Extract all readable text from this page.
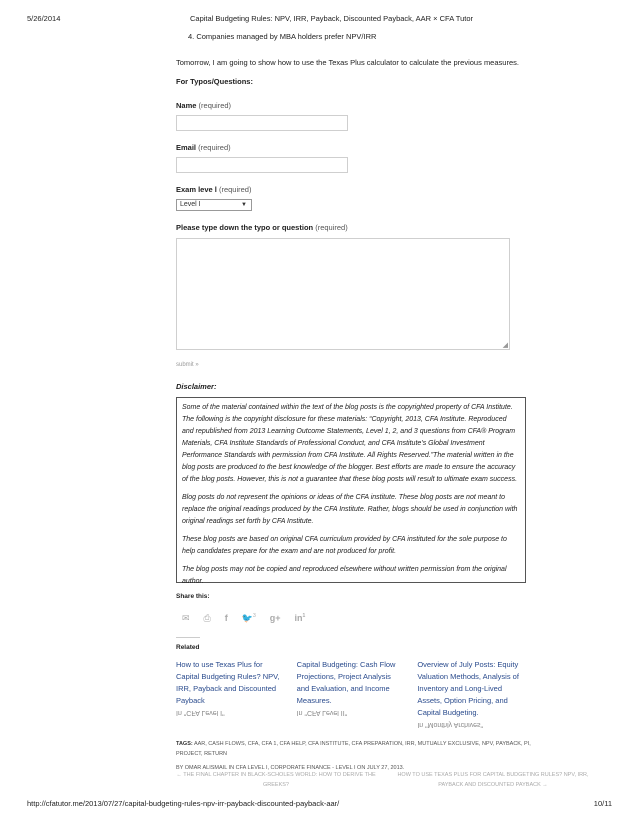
5/26/2014	Capital Budgeting Rules: NPV, IRR, Payback, Discounted Payback, AAR × CFA Tutor
4. Companies managed by MBA holders prefer NPV/IRR
Tomorrow, I am going to show how to use the Texas Plus calculator to calculate the previous measures.
For Typos/Questions:
Name (required)
Email (required)
Exam leve l (required)
Level I	▼
Please type down the typo or question (required)
◢
submit »
Disclaimer:

Some of the material contained within the text of the blog posts is the copyrighted property of CFA Institute. The following is the copyright disclosure for these materials: “Copyright, 2013, CFA Institute. Reproduced and republished from 2013 Learning Outcome Statements, Level 1, 2, and 3 questions from CFA® Program Materials, CFA Institute Standards of Professional Conduct, and CFA Institute’s Global Investment Performance Standards with permission from CFA Institute. All Rights Reserved.”The material written in the blog posts are produced to the best knowledge of the blogger. Best efforts are made to ensure the accuracy of the blog posts. However, this is not a guarantee that these blog posts will result to ultimate exam success.

Blog posts do not represent the opinions or ideas of the CFA institute. These blog posts are not meant to replace the original readings produced by the CFA Institute. Rather, blogs should be used in conjunction with original readings set forth by CFA Institute.

These blog posts are based on original CFA curriculum provided by CFA instituted for the sole purpose to help candidates prepare for the exam and are not produced for profit.

The blog posts may not be copied and reproduced elsewhere without written permission from the original author.

Share this:
✉ ⎙ f 🐦$^3$ $g+ in^1$
Related
How to use Texas Plus for Capital Budgeting Rules? NPV, IRR, Payback and Discounted Payback
In "CFA Level I"
Capital Budgeting: Cash Flow Projections, Project Analysis and Evaluation, and Income Measures.
In "CFA Level II"
Overview of July Posts: Equity Valuation Methods, Analysis of Inventory and Long-Lived Assets, Option Pricing, and Capital Budgeting.
In "Monthly Archives"
TAGS: AAR, CASH FLOWS, CFA, CFA 1, CFA HELP, CFA INSTITUTE, CFA PREPARATION, IRR, MUTUALLY EXCLUSIVE, NPV, PAYBACK, PI, PROJECT, RETURN
BY OMAR ALISMAIL IN CFA LEVEL I, CORPORATE FINANCE - LEVEL I ON JULY 27, 2013.
← THE FINAL CHAPTER IN BLACK-SCHOLES WORLD: HOW TO DERIVE THE GREEKS?
HOW TO USE TEXAS PLUS FOR CAPITAL BUDGETING RULES? NPV, IRR, PAYBACK AND DISCOUNTED PAYBACK →
http://cfatutor.me/2013/07/27/capital-budgeting-rules-npv-irr-payback-discounted-payback-aar/	10/11
